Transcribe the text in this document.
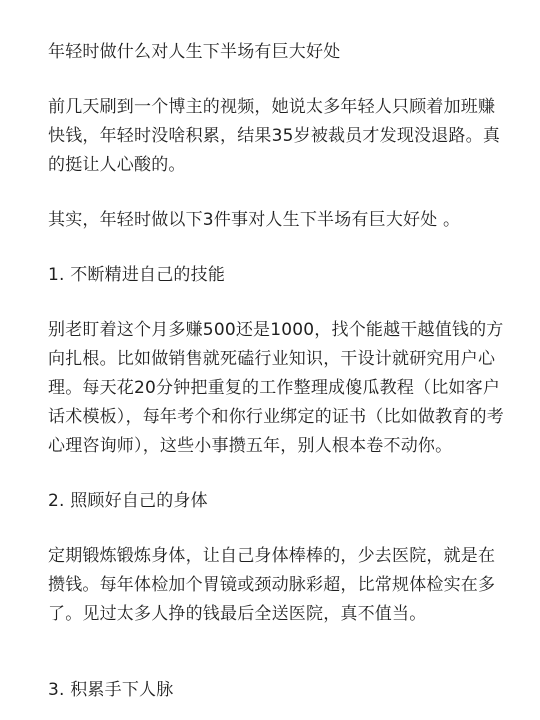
年轻时做什么对人生下半场有巨大好处

前几天刷到一个博主的视频，她说太多年轻人只顾着加班赚快钱，年轻时没啥积累，结果35岁被裁员才发现没退路。真的挺让人心酸的。

其实，年轻时做以下3件事对人生下半场有巨大好处 。

1. 不断精进自己的技能

别老盯着这个月多赚500还是1000，找个能越干越值钱的方向扎根。比如做销售就死磕行业知识，干设计就研究用户心理。每天花20分钟把重复的工作整理成傻瓜教程（比如客户话术模板），每年考个和你行业绑定的证书（比如做教育的考心理咨询师），这些小事攒五年，别人根本卷不动你。

2. 照顾好自己的身体

定期锻炼锻炼身体，让自己身体棒棒的，少去医院，就是在攒钱。每年体检加个胃镜或颈动脉彩超，比常规体检实在多了。见过太多人挣的钱最后全送医院，真不值当。

3. 积累手下人脉
